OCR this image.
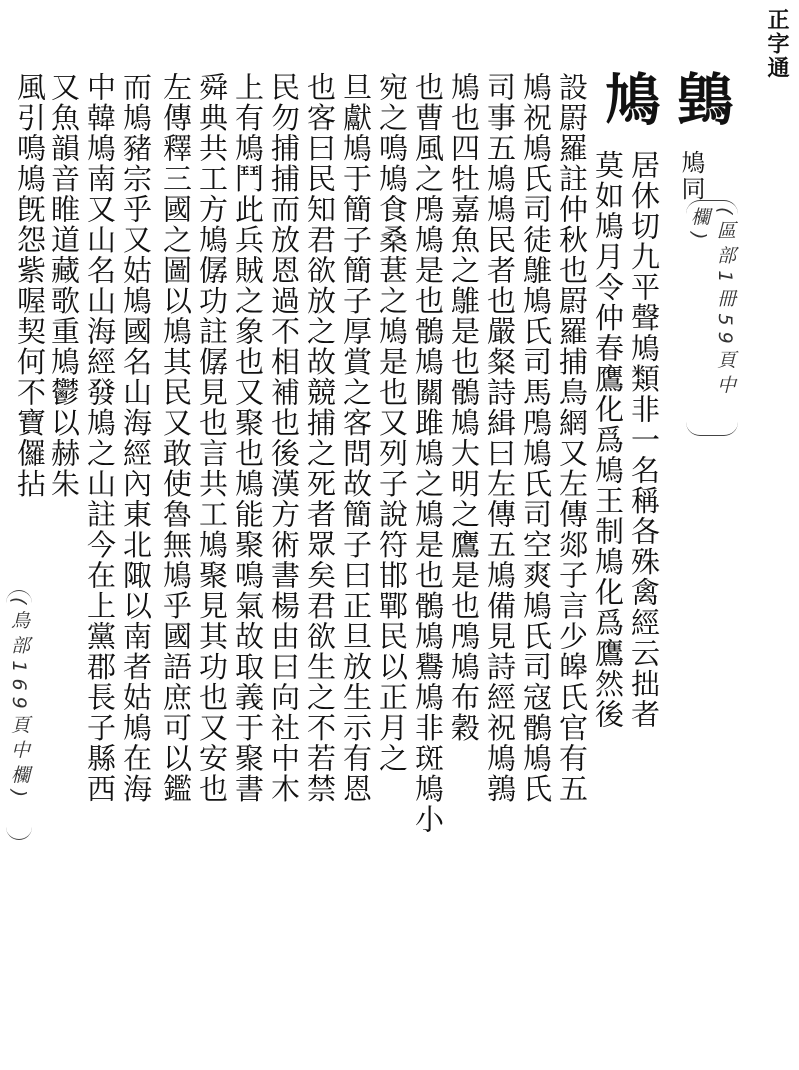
正字通
䳨
鳩同
(區部1冊59頁中欄)
鳩
居休切九平聲鳩類非一名稱各殊禽經云拙者
莫如鳩月令仲春鷹化爲鳩王制鳩化爲鷹然後
設罻羅註仲秋也罻羅捕鳥網又左傳郯子言少皞氏官有五
鳩祝鳩氏司徒鵻鳩氏司馬鳲鳩氏司空爽鳩氏司寇鶻鳩氏
司事五鳩鳩民者也嚴粲詩緝曰左傳五鳩備見詩經祝鳩鶉
鳩也四牡嘉魚之鵻是也鶻鳩大明之鷹是也鳲鳩布穀
也曹風之鳲鳩是也鶻鳩關雎鳩之鳩是也鶻鳩鸒鳩非斑鳩小
宛之鳴鳩食桑葚之鳩是也又列子說符邯鄲民以正月之
旦獻鳩于簡子簡子厚賞之客問故簡子曰正旦放生示有恩
也客曰民知君欲放之故競捕之死者眾矣君欲生之不若禁
民勿捕捕而放恩過不相補也後漢方術書楊由曰向社中木
上有鳩鬥此兵賊之象也又聚也鳩能聚鳴氣故取義于聚書
舜典共工方鳩僝功註僝見也言共工鳩聚見其功也又安也
左傳釋三國之圖以鳩其民又敢使魯無鳩乎國語庶可以鑑
而鳩豬宗乎又姑鳩國名山海經內東北陬以南者姑鳩在海
中韓鳩南又山名山海經發鳩之山註今在上黨郡長子縣西
又魚韻音睢道藏歌重鳩鬱以赫朱
風引鳴鳩旣怨紫喔契何不寶儸拈
(鳥部169頁中欄)
